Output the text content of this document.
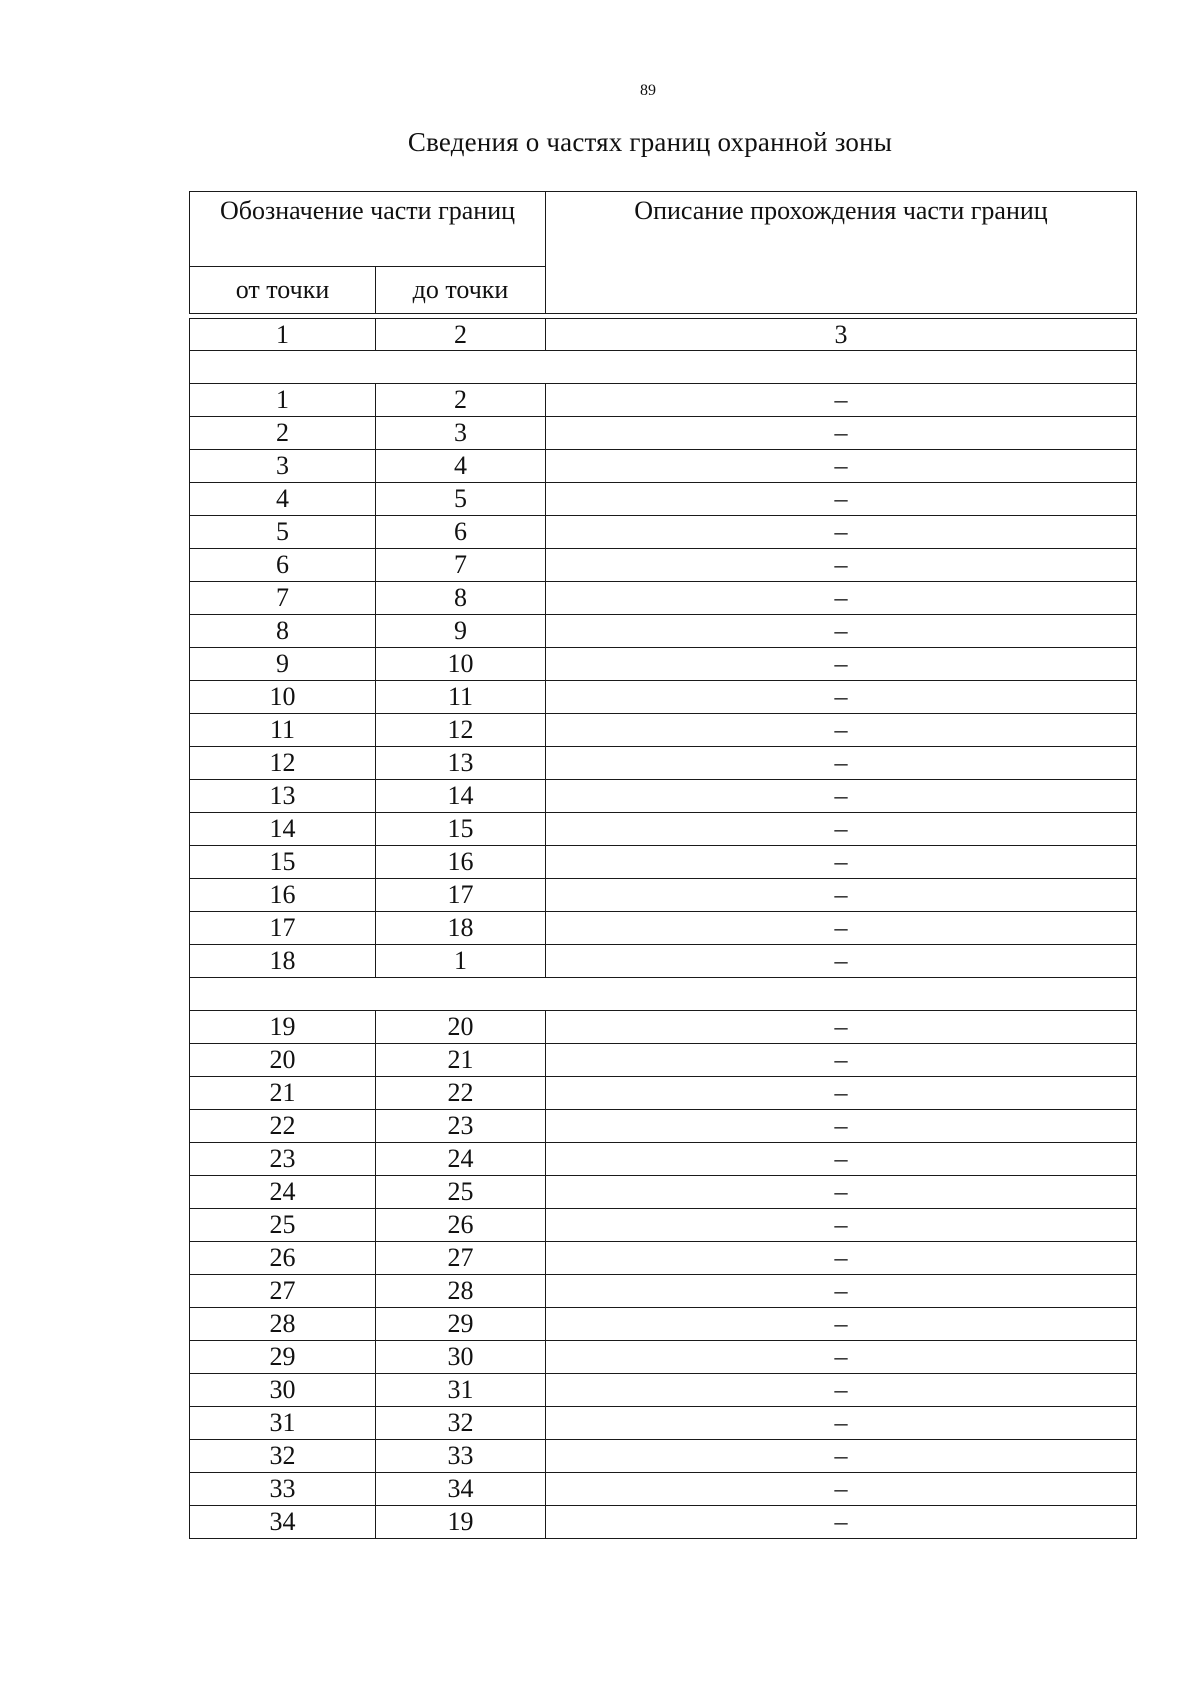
89
Сведения о частях границ охранной зоны
Обозначение части границ		Описание прохождения части границ
от точки	до точки	

1	2	3

1	2	–
2	3	–
3	4	–
4	5	–
5	6	–
6	7	–
7	8	–
8	9	–
9	10	–
10	11	–
11	12	–
12	13	–
13	14	–
14	15	–
15	16	–
16	17	–
17	18	–
18	1	–

19	20	–
20	21	–
21	22	–
22	23	–
23	24	–
24	25	–
25	26	–
26	27	–
27	28	–
28	29	–
29	30	–
30	31	–
31	32	–
32	33	–
33	34	–
34	19	–
